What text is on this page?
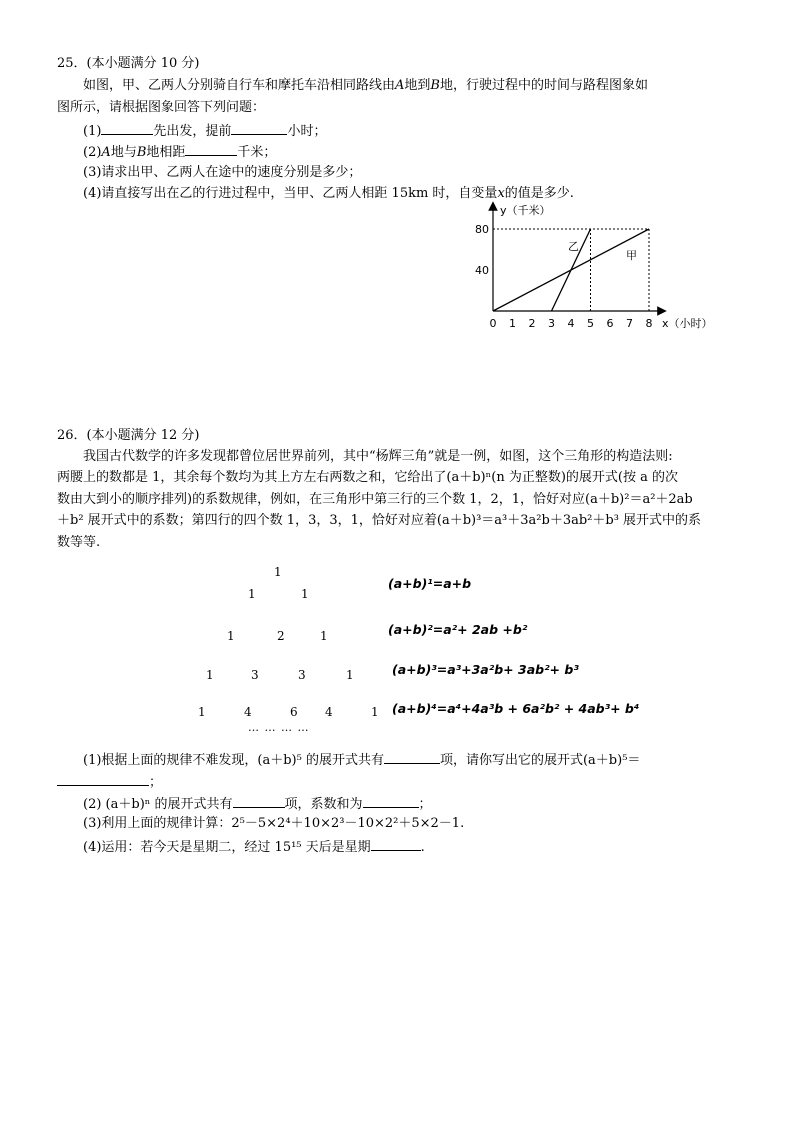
25．(本小题满分 10 分)
如图，甲、乙两人分别骑自行车和摩托车沿相同路线由A地到B地，行驶过程中的时间与路程图象如
图所示，请根据图象回答下列问题：
(1)	先出发，提前	小时；
(2)A地与B地相距	千米；
(3)请求出甲、乙两人在途中的速度分别是多少；
(4)请直接写出在乙的行进过程中，当甲、乙两人相距 15km 时，自变量x的值是多少.
0 1 2 3 4 5 6 7 8
40
80
y（千米）
x（小时）
乙
甲
26．(本小题满分 12 分)
我国古代数学的许多发现都曾位居世界前列，其中“杨辉三角”就是一例，如图，这个三角形的构造法则:
两腰上的数都是 1，其余每个数均为其上方左右两数之和，它给出了(a＋b)ⁿ(n 为正整数)的展开式(按 a 的次
数由大到小的顺序排列)的系数规律，例如，在三角形中第三行的三个数 1，2，1，恰好对应(a＋b)²＝a²＋2ab
＋b² 展开式中的系数；第四行的四个数 1，3，3，1，恰好对应着(a＋b)³＝a³＋3a²b＋3ab²＋b³ 展开式中的系
数等等.
1
1	1
1	2	1
1	3	3	1
1	4	6 4	1
… … … …
(a+b)¹=a+b
(a+b)²=a²+ 2ab +b²
(a+b)³=a³+3a²b+ 3ab²+ b³
(a+b)⁴=a⁴+4a³b + 6a²b² + 4ab³+ b⁴
(1)根据上面的规律不难发现，(a＋b)⁵ 的展开式共有	项，请你写出它的展开式(a＋b)⁵＝
；
(2) (a＋b)ⁿ 的展开式共有	项，系数和为	；
(3)利用上面的规律计算：2⁵－5×2⁴＋10×2³－10×2²＋5×2－1.
(4)运用：若今天是星期二，经过 15¹⁵ 天后是星期	.
